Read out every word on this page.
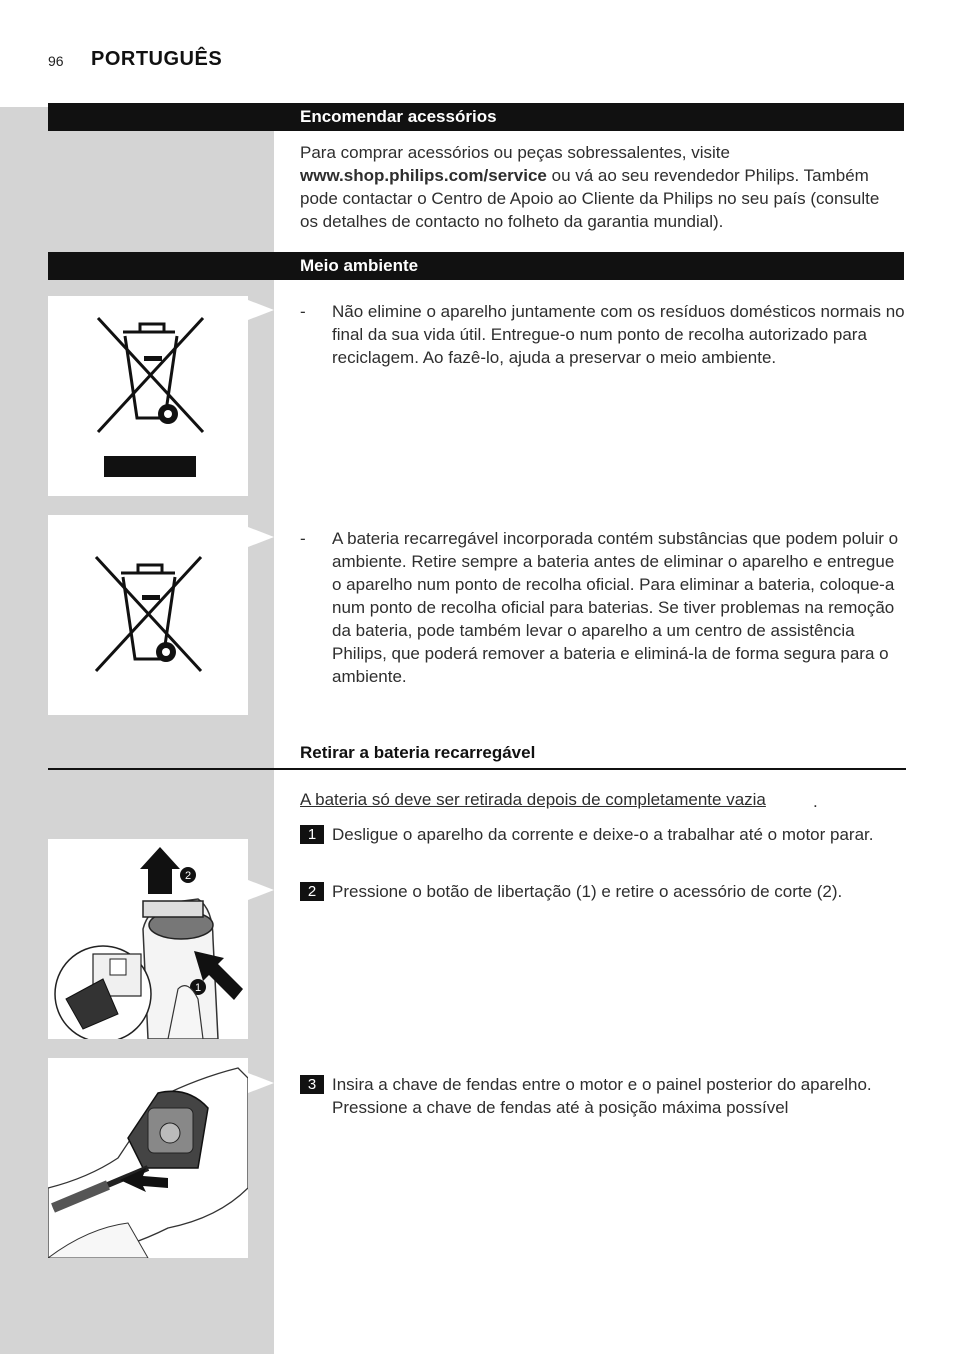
96 PORTUGUÊS
Encomendar acessórios
Para comprar acessórios ou peças sobressalentes, visite www.shop.philips.com/service ou vá ao seu revendedor Philips. Também pode contactar o Centro de Apoio ao Cliente da Philips no seu país (consulte os detalhes de contacto no folheto da garantia mundial).
Meio ambiente
- Não elimine o aparelho juntamente com os resíduos domésticos normais no final da sua vida útil. Entregue-o num ponto de recolha autorizado para reciclagem. Ao fazê-lo, ajuda a preservar o meio ambiente.
- A bateria recarregável incorporada contém substâncias que podem poluir o ambiente. Retire sempre a bateria antes de eliminar o aparelho e entregue o aparelho num ponto de recolha oficial. Para eliminar a bateria, coloque-a num ponto de recolha oficial para baterias. Se tiver problemas na remoção da bateria, pode também levar o aparelho a um centro de assistência Philips, que poderá remover a bateria e eliminá-la de forma segura para o ambiente.
Retirar a bateria recarregável
A bateria só deve ser retirada depois de completamente vazia	.
2
1
1 Desligue o aparelho da corrente e deixe-o a trabalhar até o motor parar.
2 Pressione o botão de libertação (1) e retire o acessório de corte (2).
3 Insira a chave de fendas entre o motor e o painel posterior do aparelho. Pressione a chave de fendas até à posição máxima possível
